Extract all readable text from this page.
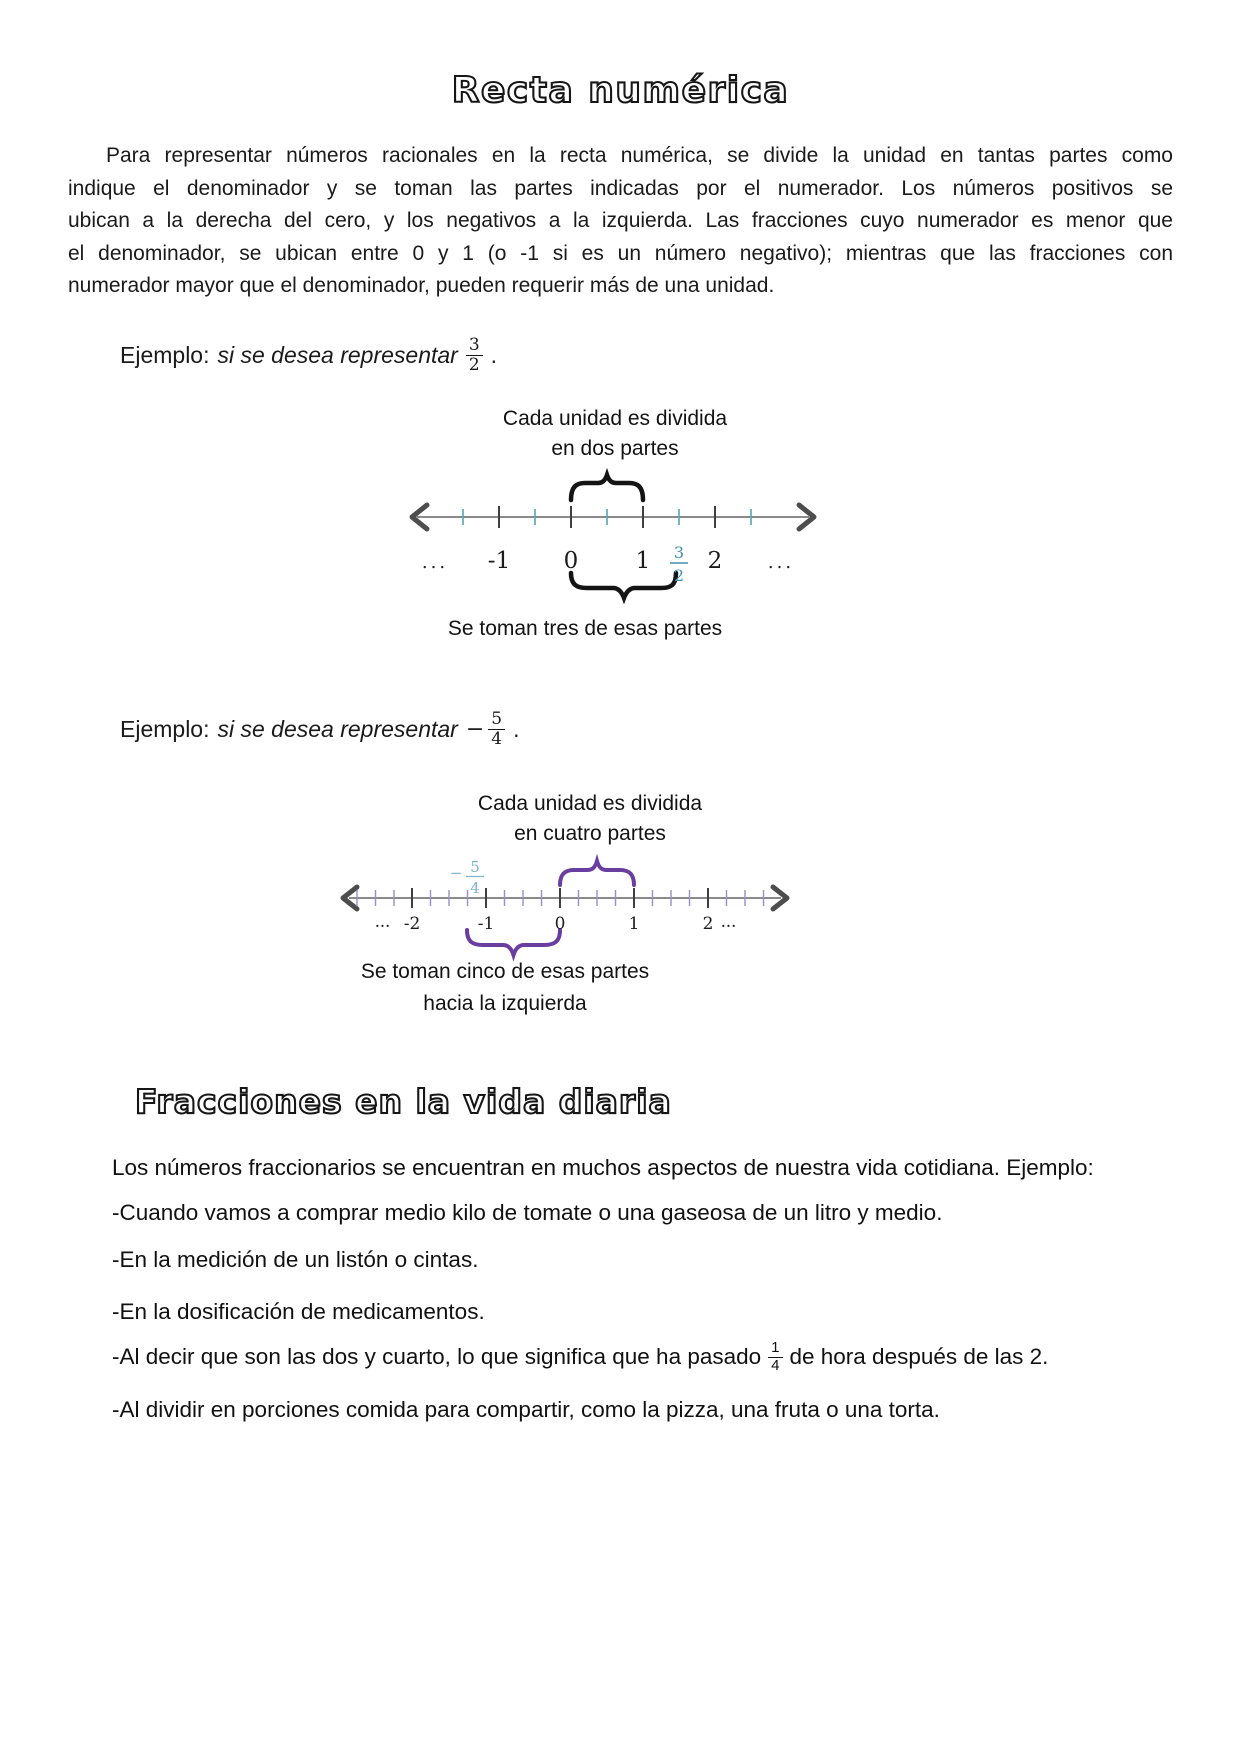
Recta numérica
Para representar números racionales en la recta numérica, se divide la unidad en tantas partes como
indique el denominador y se toman las partes indicadas por el numerador. Los números positivos se
ubican a la derecha del cero, y los negativos a la izquierda. Las fracciones cuyo numerador es menor que
el denominador, se ubican entre 0 y 1 (o -1 si es un número negativo); mientras que las fracciones con
numerador mayor que el denominador, pueden requerir más de una unidad.
Ejemplo: si se desea representar $\frac{3}{2}$ .
Cada unidad es dividida
en dos partes
... -1 0 1 2	...
3
2
Se toman tres de esas partes
Ejemplo: si se desea representar − $\frac{5}{4}$ .
Cada unidad es dividida
en cuatro partes
− 5
4
... -2	-1	0	1	2 ...
Se toman cinco de esas partes
hacia la izquierda
Fracciones en la vida diaria
Los números fraccionarios se encuentran en muchos aspectos de nuestra vida cotidiana. Ejemplo:
-Cuando vamos a comprar medio kilo de tomate o una gaseosa de un litro y medio.
-En la medición de un listón o cintas.
-En la dosificación de medicamentos.
-Al decir que son las dos y cuarto, lo que significa que ha pasado $\frac{1}{4}$ de hora después de las 2.
-Al dividir en porciones comida para compartir, como la pizza, una fruta o una torta.
